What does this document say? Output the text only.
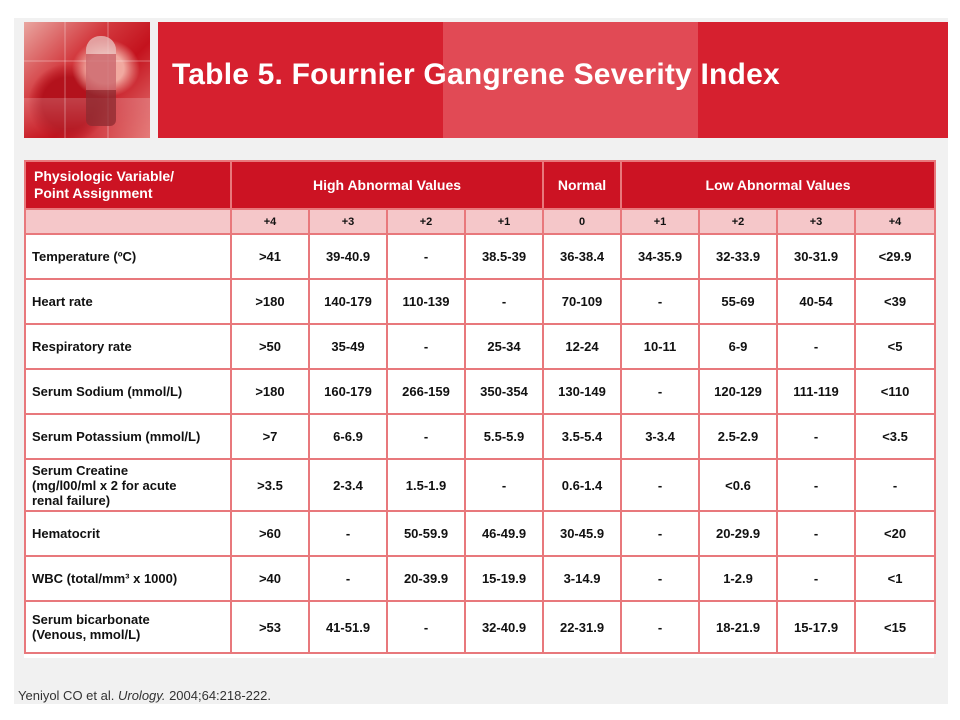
Table 5. Fournier Gangrene Severity Index
Physiologic Variable/
Point Assignment	High Abnormal Values				Normal	Low Abnormal Values			
	+4	+3	+2	+1	0	+1	+2	+3	+4
Temperature (ºC)	>41	39-40.9	-	38.5-39	36-38.4	34-35.9	32-33.9	30-31.9	<29.9
Heart rate	>180	140-179	110-139	-	70-109	-	55-69	40-54	<39
Respiratory rate	>50	35-49	-	25-34	12-24	10-11	6-9	-	<5
Serum Sodium (mmol/L)	>180	160-179	266-159	350-354	130-149	-	120-129	111-119	<110
Serum Potassium (mmol/L)	>7	6-6.9	-	5.5-5.9	3.5-5.4	3-3.4	2.5-2.9	-	<3.5
Serum Creatine
(mg/l00/ml x 2 for acute
renal failure)	>3.5	2-3.4	1.5-1.9	-	0.6-1.4	-	<0.6	-	-
Hematocrit	>60	-	50-59.9	46-49.9	30-45.9	-	20-29.9	-	<20
WBC (total/mm³ x 1000)	>40	-	20-39.9	15-19.9	3-14.9	-	1-2.9	-	<1
Serum bicarbonate
(Venous, mmol/L)	>53	41-51.9	-	32-40.9	22-31.9	-	18-21.9	15-17.9	<15
Yeniyol CO et al. Urology. 2004;64:218-222.
